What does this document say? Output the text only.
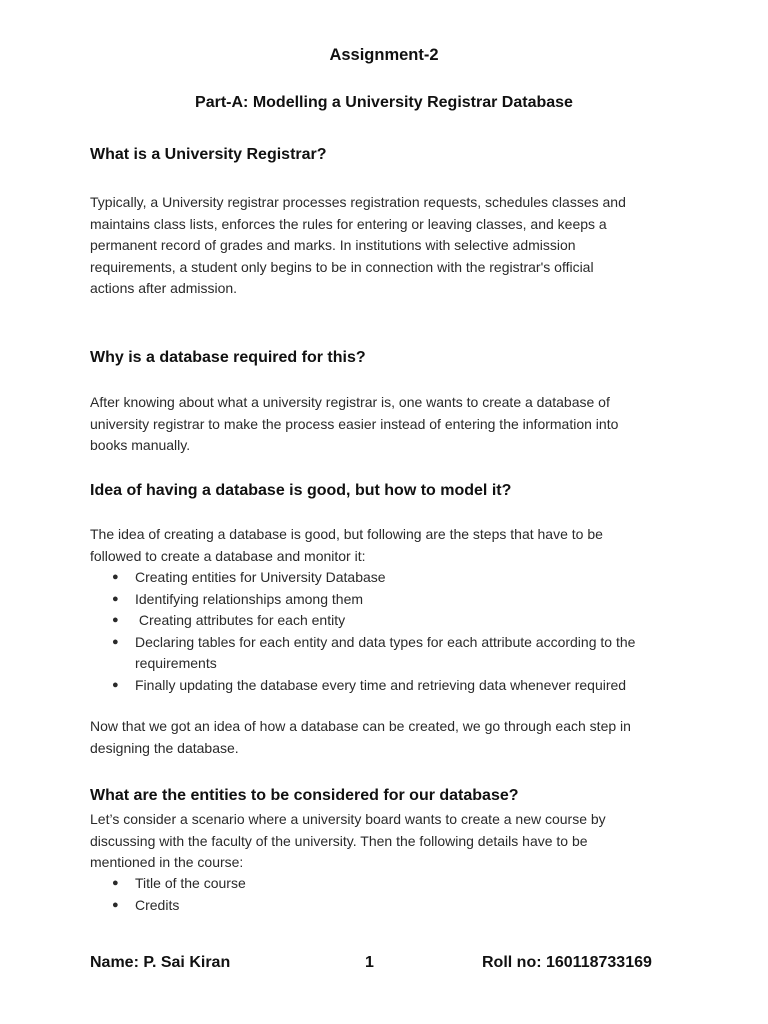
Assignment-2
Part-A: Modelling a University Registrar Database
What is a University Registrar?
Typically, a University registrar processes registration requests, schedules classes and
maintains class lists, enforces the rules for entering or leaving classes, and keeps a
permanent record of grades and marks. In institutions with selective admission
requirements, a student only begins to be in connection with the registrar's official
actions after admission.
Why is a database required for this?
After knowing about what a university registrar is, one wants to create a database of
university registrar to make the process easier instead of entering the information into
books manually.
Idea of having a database is good, but how to model it?
The idea of creating a database is good, but following are the steps that have to be
followed to create a database and monitor it:
● Creating entities for University Database
● Identifying relationships among them
● Creating attributes for each entity
● Declaring tables for each entity and data types for each attribute according to the
requirements
● Finally updating the database every time and retrieving data whenever required
Now that we got an idea of how a database can be created, we go through each step in
designing the database.
What are the entities to be considered for our database?
Let’s consider a scenario where a university board wants to create a new course by
discussing with the faculty of the university. Then the following details have to be
mentioned in the course:
● Title of the course
● Credits
Name: P. Sai Kiran	1	Roll no: 160118733169
